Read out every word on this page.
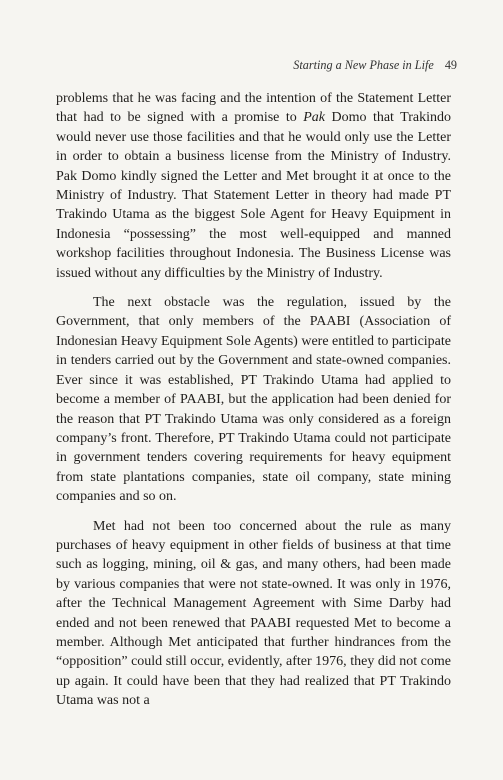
Starting a New Phase in Life 49

problems that he was facing and the intention of the Statement Letter that had to be signed with a promise to Pak Domo that Trakindo would never use those facilities and that he would only use the Letter in order to obtain a business license from the Ministry of Industry. Pak Domo kindly signed the Letter and Met brought it at once to the Ministry of Industry. That Statement Letter in theory had made PT Trakindo Utama as the biggest Sole Agent for Heavy Equipment in Indonesia “possessing” the most well-equipped and manned workshop facilities throughout Indonesia. The Business License was issued without any difficulties by the Ministry of Industry.

The next obstacle was the regulation, issued by the Government, that only members of the PAABI (Association of Indonesian Heavy Equipment Sole Agents) were entitled to participate in tenders carried out by the Government and state-owned companies. Ever since it was established, PT Trakindo Utama had applied to become a member of PAABI, but the application had been denied for the reason that PT Trakindo Utama was only considered as a foreign company’s front. Therefore, PT Trakindo Utama could not participate in government tenders covering requirements for heavy equipment from state plantations companies, state oil company, state mining companies and so on.

Met had not been too concerned about the rule as many purchases of heavy equipment in other fields of business at that time such as logging, mining, oil & gas, and many others, had been made by various companies that were not state-owned. It was only in 1976, after the Technical Management Agreement with Sime Darby had ended and not been renewed that PAABI requested Met to become a member. Although Met anticipated that further hindrances from the “opposition” could still occur, evidently, after 1976, they did not come up again. It could have been that they had realized that PT Trakindo Utama was not a
